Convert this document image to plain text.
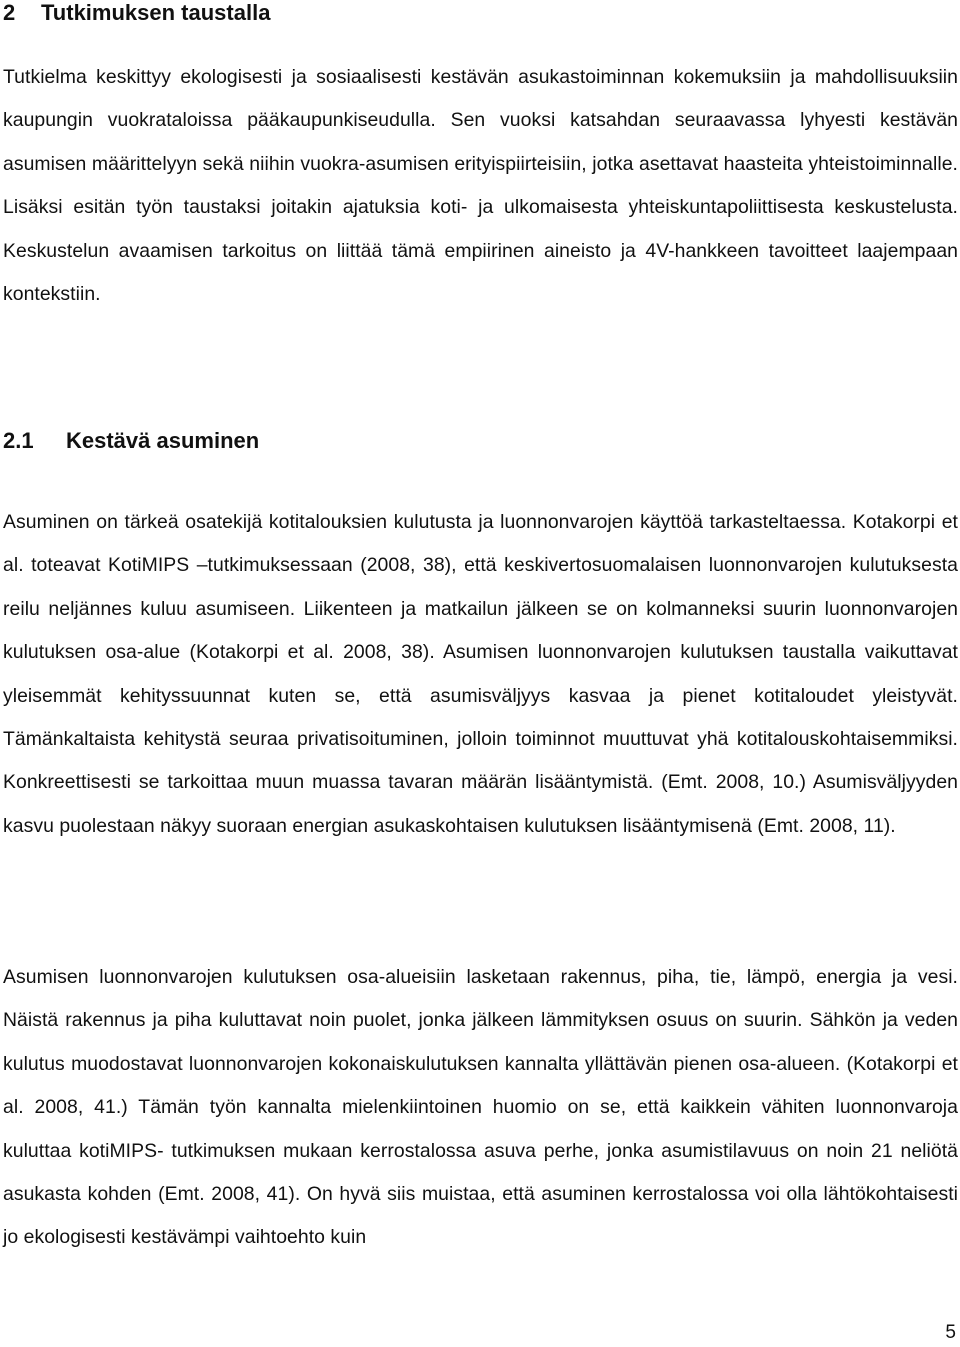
2 Tutkimuksen taustalla

Tutkielma keskittyy ekologisesti ja sosiaalisesti kestävän asukastoiminnan kokemuksiin ja mahdollisuuksiin kaupungin vuokrataloissa pääkaupunkiseudulla. Sen vuoksi katsahdan seuraavassa lyhyesti kestävän asumisen määrittelyyn sekä niihin vuokra-asumisen erityispiirteisiin, jotka asettavat haasteita yhteistoiminnalle. Lisäksi esitän työn taustaksi joitakin ajatuksia koti- ja ulkomaisesta yhteiskuntapoliittisesta keskustelusta. Keskustelun avaamisen tarkoitus on liittää tämä empiirinen aineisto ja 4V-hankkeen tavoitteet laajempaan kontekstiin.

2.1 Kestävä asuminen

Asuminen on tärkeä osatekijä kotitalouksien kulutusta ja luonnonvarojen käyttöä tarkasteltaessa. Kotakorpi et al. toteavat KotiMIPS –tutkimuksessaan (2008, 38), että keskivertosuomalaisen luonnonvarojen kulutuksesta reilu neljännes kuluu asumiseen. Liikenteen ja matkailun jälkeen se on kolmanneksi suurin luonnonvarojen kulutuksen osa-alue (Kotakorpi et al. 2008, 38). Asumisen luonnonvarojen kulutuksen taustalla vaikuttavat yleisemmät kehityssuunnat kuten se, että asumisväljyys kasvaa ja pienet kotitaloudet yleistyvät. Tämänkaltaista kehitystä seuraa privatisoituminen, jolloin toiminnot muuttuvat yhä kotitalouskohtaisemmiksi. Konkreettisesti se tarkoittaa muun muassa tavaran määrän lisääntymistä. (Emt. 2008, 10.) Asumisväljyyden kasvu puolestaan näkyy suoraan energian asukaskohtaisen kulutuksen lisääntymisenä (Emt. 2008, 11).

Asumisen luonnonvarojen kulutuksen osa-alueisiin lasketaan rakennus, piha, tie, lämpö, energia ja vesi. Näistä rakennus ja piha kuluttavat noin puolet, jonka jälkeen lämmityksen osuus on suurin. Sähkön ja veden kulutus muodostavat luonnonvarojen kokonaiskulutuksen kannalta yllättävän pienen osa-alueen. (Kotakorpi et al. 2008, 41.) Tämän työn kannalta mielenkiintoinen huomio on se, että kaikkein vähiten luonnonvaroja kuluttaa kotiMIPS- tutkimuksen mukaan kerrostalossa asuva perhe, jonka asumistilavuus on noin 21 neliötä asukasta kohden (Emt. 2008, 41). On hyvä siis muistaa, että asuminen kerrostalossa voi olla lähtökohtaisesti jo ekologisesti kestävämpi vaihtoehto kuin

5
